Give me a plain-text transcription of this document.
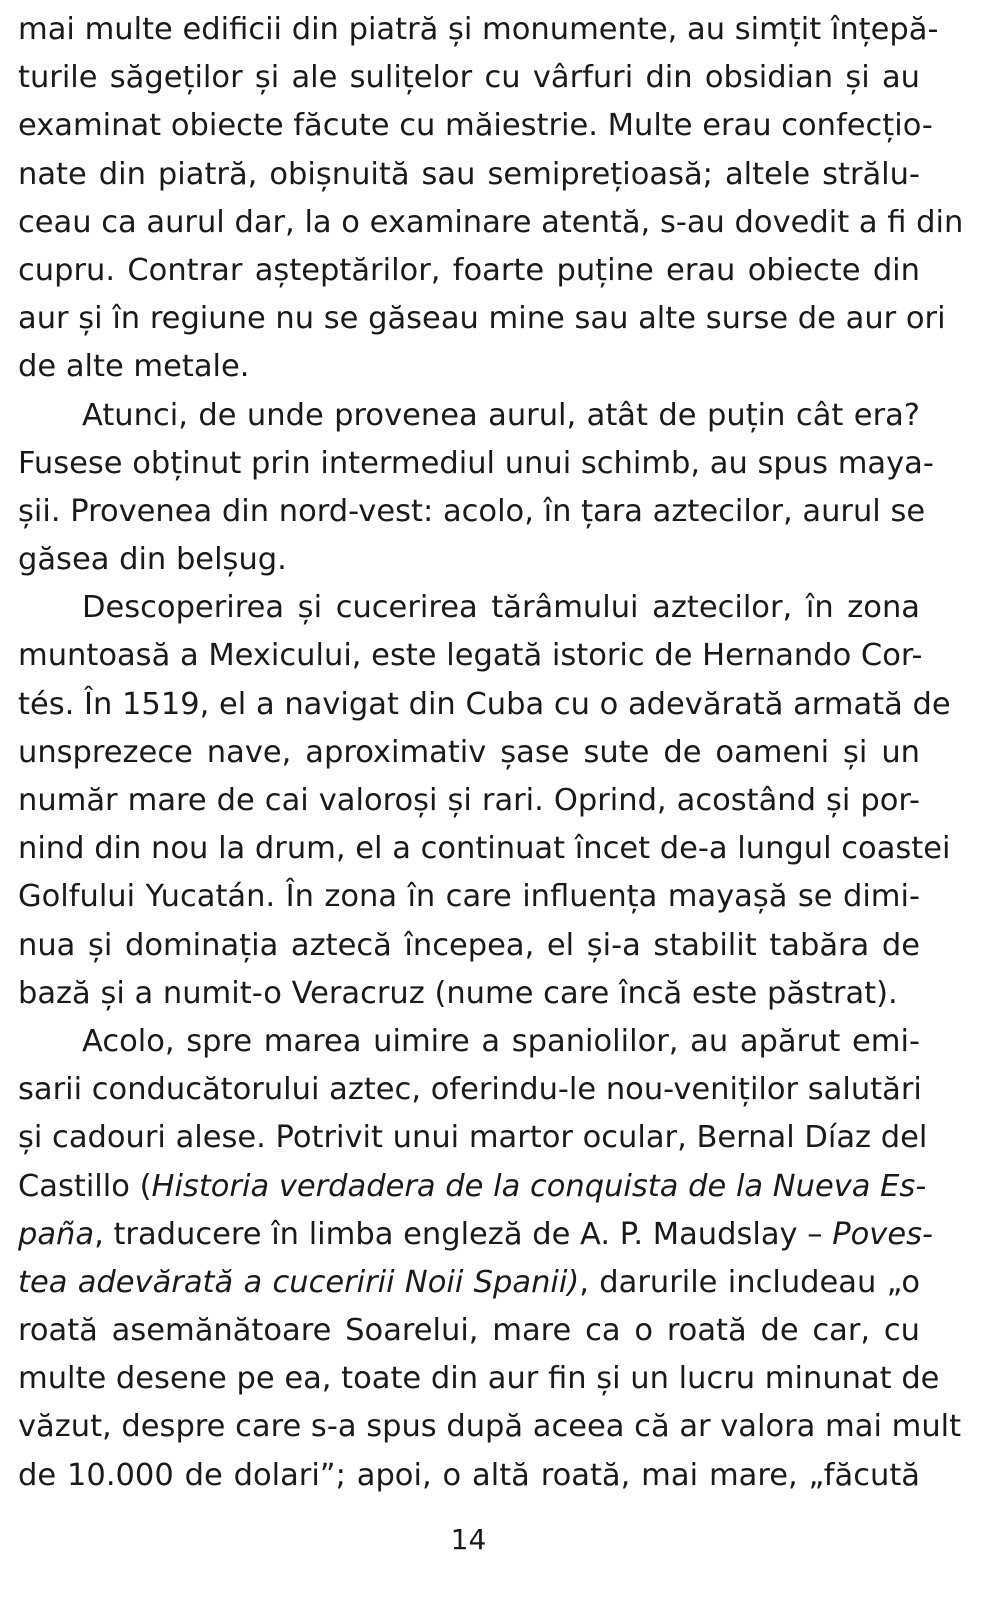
mai multe edificii din piatră și monumente, au simțit înțepă-
turile săgeților și ale sulițelor cu vârfuri din obsidian și au
examinat obiecte făcute cu măiestrie. Multe erau confecțio-
nate din piatră, obișnuită sau semiprețioasă; altele strălu-
ceau ca aurul dar, la o examinare atentă, s-au dovedit a fi din
cupru. Contrar așteptărilor, foarte puține erau obiecte din
aur și în regiune nu se găseau mine sau alte surse de aur ori
de alte metale.
Atunci, de unde provenea aurul, atât de puțin cât era?
Fusese obținut prin intermediul unui schimb, au spus maya-
șii. Provenea din nord-vest: acolo, în țara aztecilor, aurul se
găsea din belșug.
Descoperirea și cucerirea tărâmului aztecilor, în zona
muntoasă a Mexicului, este legată istoric de Hernando Cor-
tés. În 1519, el a navigat din Cuba cu o adevărată armată de
unsprezece nave, aproximativ șase sute de oameni și un
număr mare de cai valoroși și rari. Oprind, acostând și por-
nind din nou la drum, el a continuat încet de-a lungul coastei
Golfului Yucatán. În zona în care influența mayașă se dimi-
nua și dominația aztecă începea, el și-a stabilit tabăra de
bază și a numit-o Veracruz (nume care încă este păstrat).
Acolo, spre marea uimire a spaniolilor, au apărut emi-
sarii conducătorului aztec, oferindu-le nou-veniților salutări
și cadouri alese. Potrivit unui martor ocular, Bernal Díaz del
Castillo (Historia verdadera de la conquista de la Nueva Es-
paña, traducere în limba engleză de A. P. Maudslay – Poves-
tea adevărată a cuceririi Noii Spanii), darurile includeau „o
roată asemănătoare Soarelui, mare ca o roată de car, cu
multe desene pe ea, toate din aur fin și un lucru minunat de
văzut, despre care s-a spus după aceea că ar valora mai mult
de 10.000 de dolari”; apoi, o altă roată, mai mare, „făcută
14
